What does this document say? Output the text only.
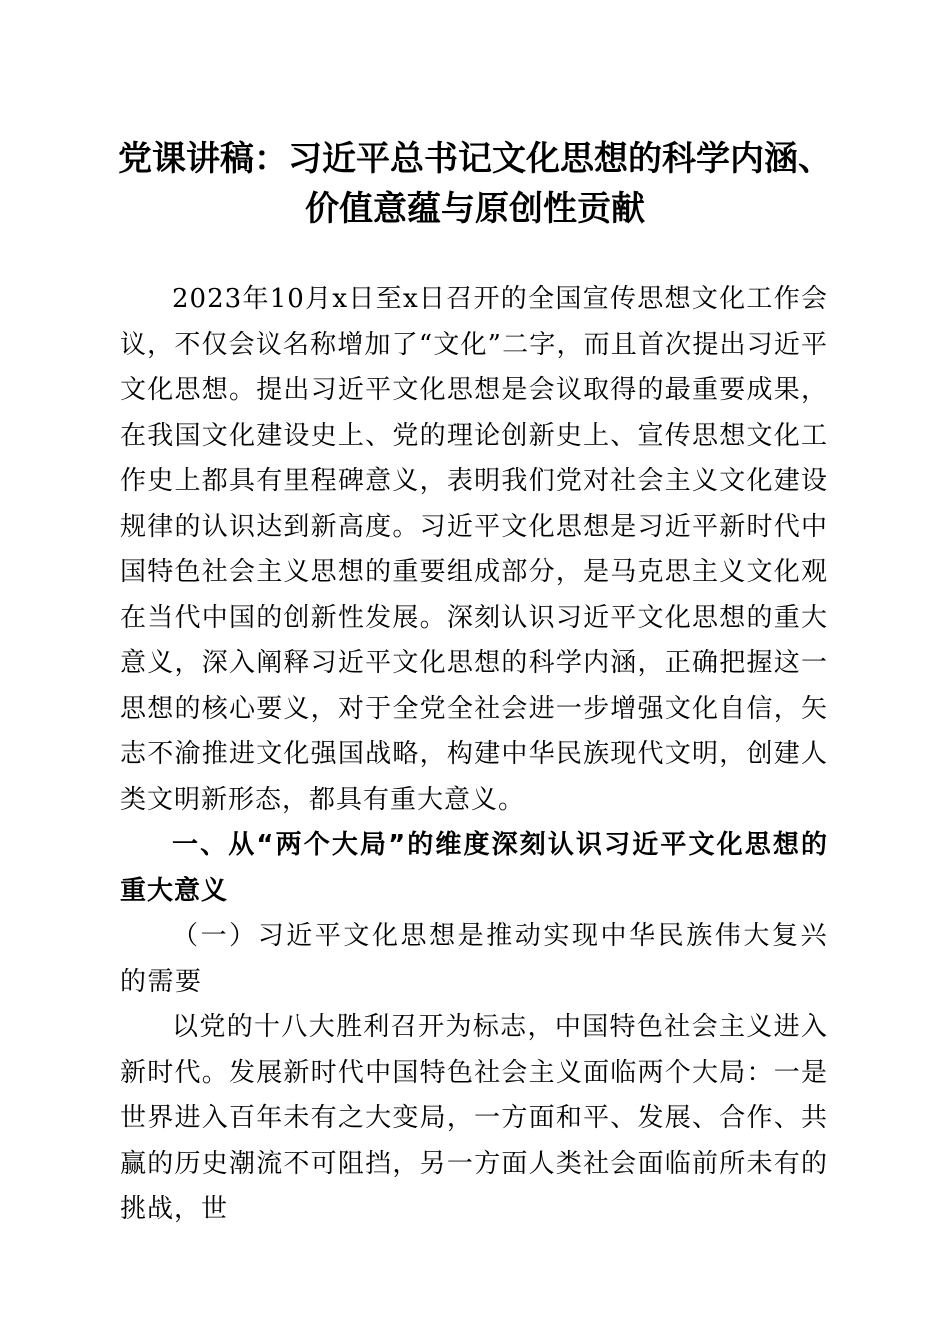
党课讲稿：习近平总书记文化思想的科学内涵、
价值意蕴与原创性贡献

2023年10月x日至x日召开的全国宣传思想文化工作会议，不仅会议名称增加了“文化”二字，而且首次提出习近平文化思想。提出习近平文化思想是会议取得的最重要成果，在我国文化建设史上、党的理论创新史上、宣传思想文化工作史上都具有里程碑意义，表明我们党对社会主义文化建设规律的认识达到新高度。习近平文化思想是习近平新时代中国特色社会主义思想的重要组成部分，是马克思主义文化观在当代中国的创新性发展。深刻认识习近平文化思想的重大意义，深入阐释习近平文化思想的科学内涵，正确把握这一思想的核心要义，对于全党全社会进一步增强文化自信，矢志不渝推进文化强国战略，构建中华民族现代文明，创建人类文明新形态，都具有重大意义。

一、从“两个大局”的维度深刻认识习近平文化思想的重大意义

（一）习近平文化思想是推动实现中华民族伟大复兴的需要

以党的十八大胜利召开为标志，中国特色社会主义进入新时代。发展新时代中国特色社会主义面临两个大局：一是世界进入百年未有之大变局，一方面和平、发展、合作、共赢的历史潮流不可阻挡，另一方面人类社会面临前所未有的挑战，世
